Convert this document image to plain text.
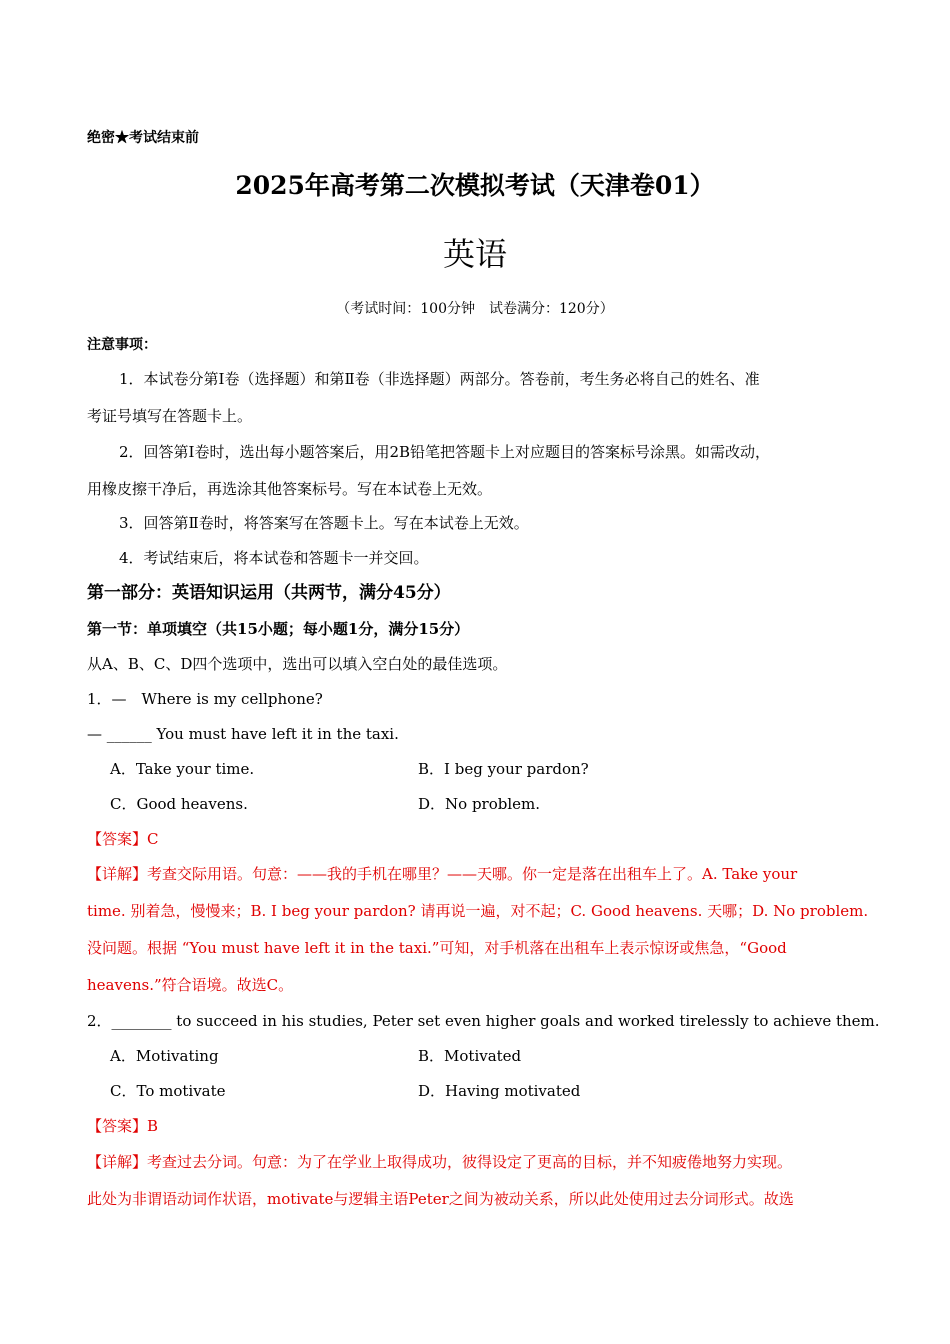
绝密★考试结束前
2025年高考第二次模拟考试（天津卷01）
英语
（考试时间：100分钟　试卷满分：120分）
注意事项：
1．本试卷分第Ⅰ卷（选择题）和第Ⅱ卷（非选择题）两部分。答卷前，考生务必将自己的姓名、准
考证号填写在答题卡上。
2．回答第Ⅰ卷时，选出每小题答案后，用2B铅笔把答题卡上对应题目的答案标号涂黑。如需改动，
用橡皮擦干净后，再选涂其他答案标号。写在本试卷上无效。
3．回答第Ⅱ卷时，将答案写在答题卡上。写在本试卷上无效。
4．考试结束后，将本试卷和答题卡一并交回。
第一部分：英语知识运用（共两节，满分45分）
第一节：单项填空（共15小题；每小题1分，满分15分）
从A、B、C、D四个选项中，选出可以填入空白处的最佳选项。
1．—　Where is my cellphone?
— ______ You must have left it in the taxi.
A．Take your time.	B．I beg your pardon?
C．Good heavens.	D．No problem.
【答案】C
【详解】考查交际用语。句意：——我的手机在哪里？——天哪。你一定是落在出租车上了。A. Take your
time. 别着急，慢慢来；B. I beg your pardon? 请再说一遍，对不起；C. Good heavens. 天哪；D. No problem.
没问题。根据 “You must have left it in the taxi.”可知，对手机落在出租车上表示惊讶或焦急，“Good
heavens.”符合语境。故选C。
2．________ to succeed in his studies, Peter set even higher goals and worked tirelessly to achieve them.
A．Motivating	B．Motivated
C．To motivate	D．Having motivated
【答案】B
【详解】考查过去分词。句意：为了在学业上取得成功，彼得设定了更高的目标，并不知疲倦地努力实现。
此处为非谓语动词作状语，motivate与逻辑主语Peter之间为被动关系，所以此处使用过去分词形式。故选
